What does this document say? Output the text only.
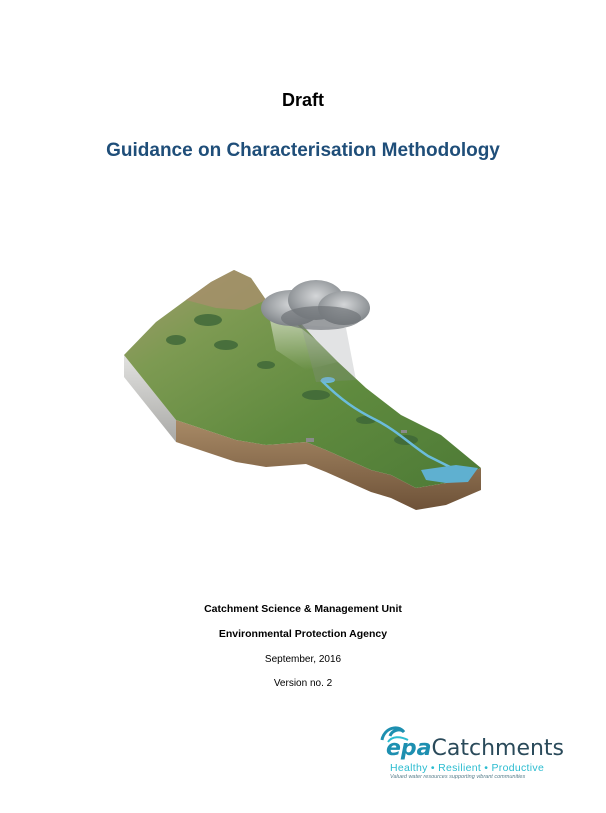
Draft
Guidance on Characterisation Methodology
Catchment Science & Management Unit
Environmental Protection Agency
September, 2016
Version no. 2
epaCatchments
Healthy • Resilient • Productive
Valued water resources supporting vibrant communities
